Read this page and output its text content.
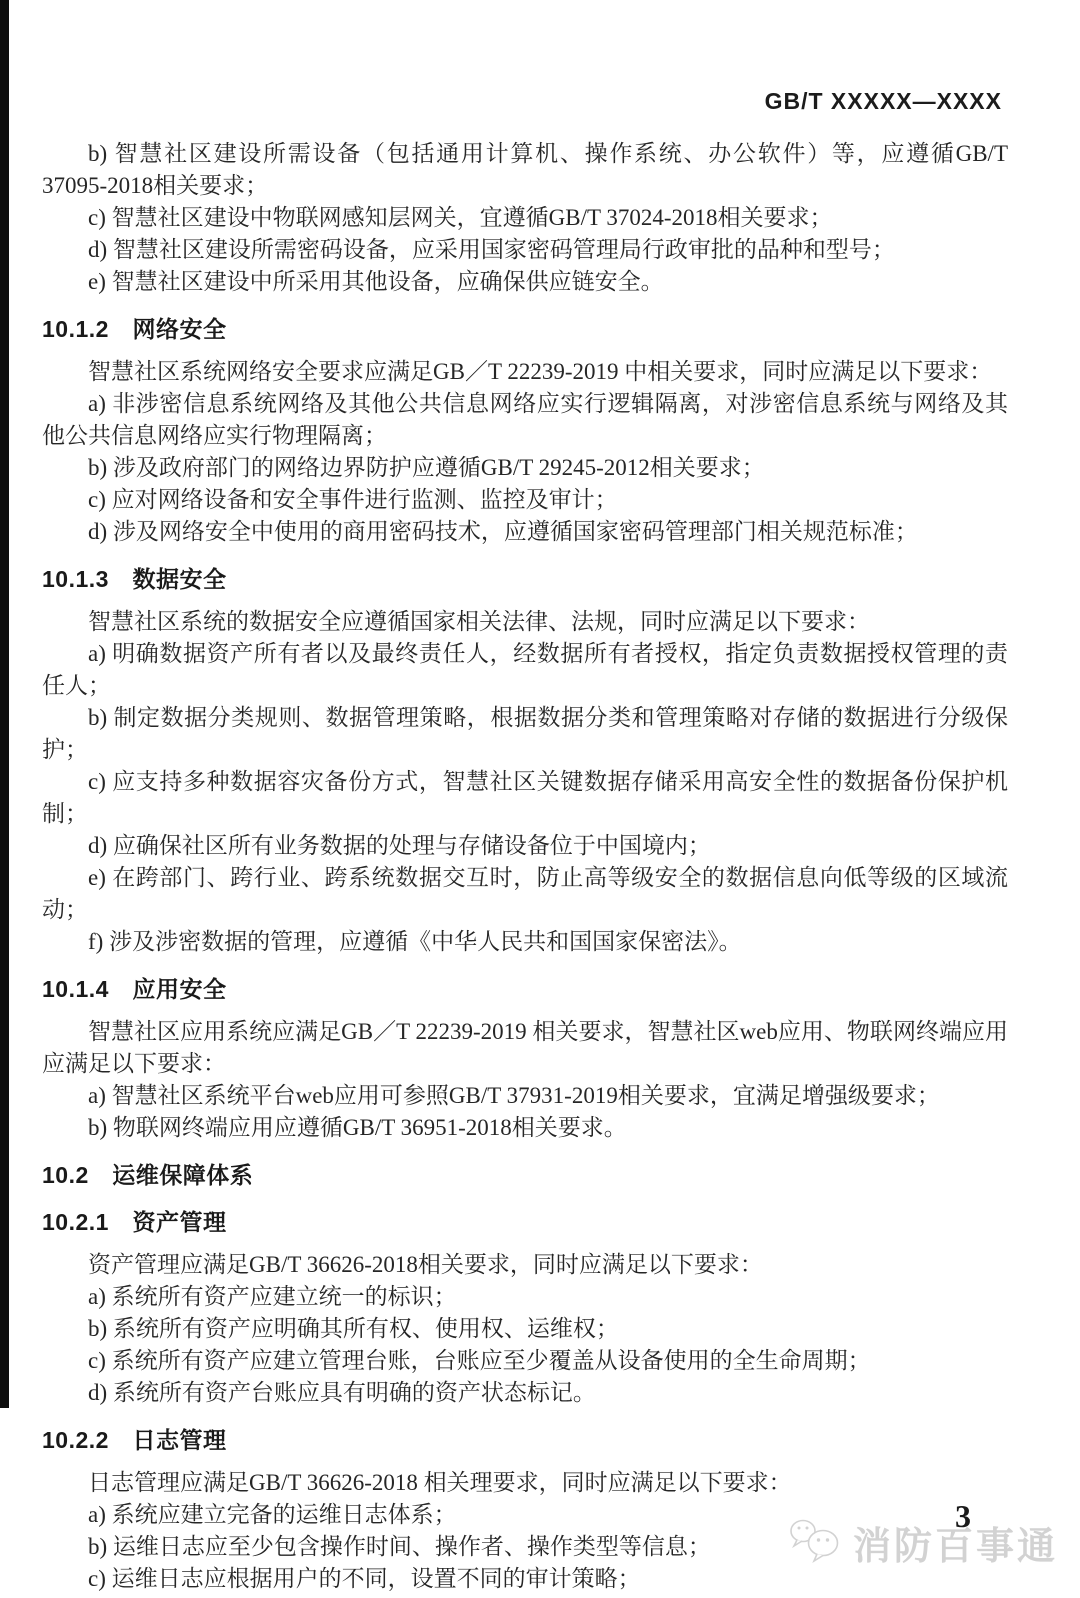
GB/T XXXXX—XXXX

b) 智慧社区建设所需设备（包括通用计算机、操作系统、办公软件）等，应遵循GB/T 37095-2018相关要求；

c) 智慧社区建设中物联网感知层网关，宜遵循GB/T 37024-2018相关要求；

d) 智慧社区建设所需密码设备，应采用国家密码管理局行政审批的品种和型号；

e) 智慧社区建设中所采用其他设备，应确保供应链安全。

10.1.2　网络安全

智慧社区系统网络安全要求应满足GB／T 22239-2019 中相关要求，同时应满足以下要求：

a) 非涉密信息系统网络及其他公共信息网络应实行逻辑隔离，对涉密信息系统与网络及其他公共信息网络应实行物理隔离；

b) 涉及政府部门的网络边界防护应遵循GB/T 29245-2012相关要求；

c) 应对网络设备和安全事件进行监测、监控及审计；

d) 涉及网络安全中使用的商用密码技术，应遵循国家密码管理部门相关规范标准；

10.1.3　数据安全

智慧社区系统的数据安全应遵循国家相关法律、法规，同时应满足以下要求：

a) 明确数据资产所有者以及最终责任人，经数据所有者授权，指定负责数据授权管理的责任人；

b) 制定数据分类规则、数据管理策略，根据数据分类和管理策略对存储的数据进行分级保护；

c) 应支持多种数据容灾备份方式，智慧社区关键数据存储采用高安全性的数据备份保护机制；

d) 应确保社区所有业务数据的处理与存储设备位于中国境内；

e) 在跨部门、跨行业、跨系统数据交互时，防止高等级安全的数据信息向低等级的区域流动；

f) 涉及涉密数据的管理，应遵循《中华人民共和国国家保密法》。

10.1.4　应用安全

智慧社区应用系统应满足GB／T 22239-2019 相关要求，智慧社区web应用、物联网终端应用应满足以下要求：

a) 智慧社区系统平台web应用可参照GB/T 37931-2019相关要求，宜满足增强级要求；

b) 物联网终端应用应遵循GB/T 36951-2018相关要求。

10.2　运维保障体系
10.2.1　资产管理

资产管理应满足GB/T 36626-2018相关要求，同时应满足以下要求：

a) 系统所有资产应建立统一的标识；

b) 系统所有资产应明确其所有权、使用权、运维权；

c) 系统所有资产应建立管理台账，台账应至少覆盖从设备使用的全生命周期；

d) 系统所有资产台账应具有明确的资产状态标记。

10.2.2　日志管理

日志管理应满足GB/T 36626-2018 相关理要求，同时应满足以下要求：

a) 系统应建立完备的运维日志体系；

b) 运维日志应至少包含操作时间、操作者、操作类型等信息；

c) 运维日志应根据用户的不同，设置不同的审计策略；

3
消防百事通
